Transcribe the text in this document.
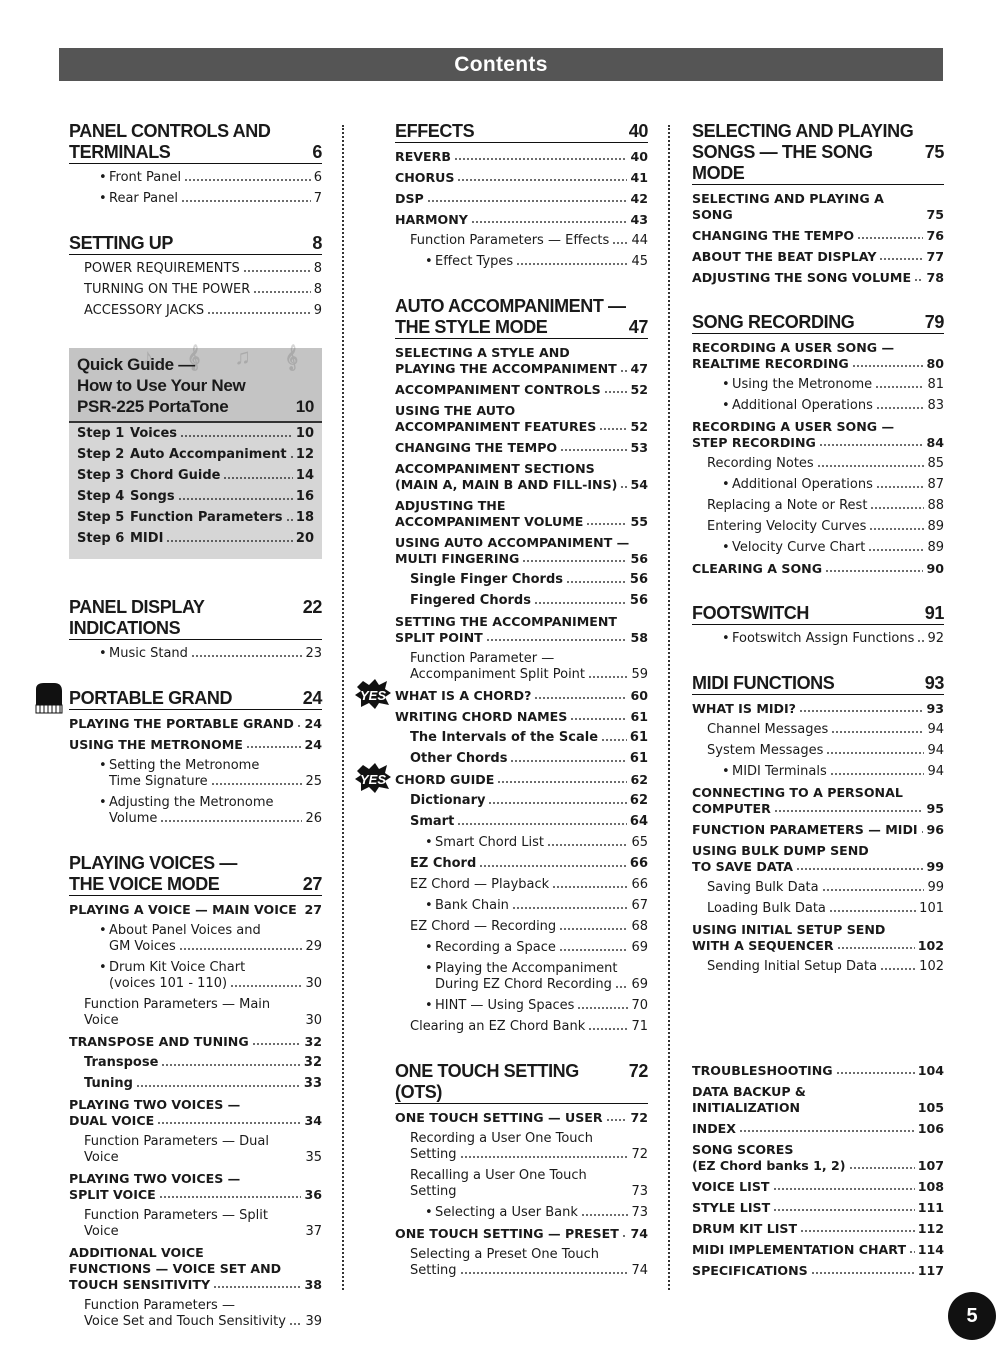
Contents
PANEL CONTROLS AND
TERMINALS	6
• Front Panel	6
• Rear Panel	7
SETTING UP	8
POWER REQUIREMENTS	8
TURNING ON THE POWER	8
ACCESSORY JACKS	9
Quick Guide —
How to Use Your New
PSR-225 PortaTone	10
♪ 𝄞 ♫ 𝄞
Step 1 Voices	10
Step 2 Auto Accompaniment 12
Step 3 Chord Guide	14
Step 4 Songs	16
Step 5 Function Parameters 18
Step 6 MIDI	20
PANEL DISPLAY INDICATIONS
22
• Music Stand	23
PORTABLE GRAND	24
PLAYING THE PORTABLE GRAND 24
USING THE METRONOME	24
• Setting the Metronome
Time Signature	25
• Adjusting the Metronome
Volume	26
PLAYING VOICES —
THE VOICE MODE	27
PLAYING A VOICE — MAIN VOICE 27
• About Panel Voices and
GM Voices	29
• Drum Kit Voice Chart
(voices 101 - 110)	30
Function Parameters — Main Voice	30
TRANSPOSE AND TUNING	32
Transpose	32
Tuning	33
PLAYING TWO VOICES —
DUAL VOICE	34
Function Parameters — Dual Voice	35
PLAYING TWO VOICES —
SPLIT VOICE	36
Function Parameters — Split Voice	37
ADDITIONAL VOICE
FUNCTIONS — VOICE SET AND
TOUCH SENSITIVITY	38
Function Parameters —
Voice Set and Touch Sensitivity 39
EFFECTS	40
REVERB	40
CHORUS	41
DSP	42
HARMONY	43
Function Parameters — Effects 44
• Effect Types	45
AUTO ACCOMPANIMENT —
THE STYLE MODE	47
SELECTING A STYLE AND
PLAYING THE ACCOMPANIMENT 47
ACCOMPANIMENT CONTROLS 52
USING THE AUTO
ACCOMPANIMENT FEATURES	52
CHANGING THE TEMPO	53
ACCOMPANIMENT SECTIONS
(MAIN A, MAIN B AND FILL-INS) 54
ADJUSTING THE
ACCOMPANIMENT VOLUME	55
USING AUTO ACCOMPANIMENT —
MULTI FINGERING	56
Single Finger Chords	56
Fingered Chords	56
SETTING THE ACCOMPANIMENT
SPLIT POINT	58
Function Parameter —
Accompaniment Split Point	59
YES WHAT IS A CHORD?	60
WRITING CHORD NAMES	61
The Intervals of the Scale 61
Other Chords	61
YES CHORD GUIDE	62
Dictionary	62
Smart	64
• Smart Chord List	65
EZ Chord	66
EZ Chord — Playback	66
• Bank Chain	67
EZ Chord — Recording	68
• Recording a Space	69
• Playing the Accompaniment
During EZ Chord Recording 69
• HINT — Using Spaces	70
Clearing an EZ Chord Bank	71
ONE TOUCH SETTING (OTS)
72
ONE TOUCH SETTING — USER 72
Recording a User One Touch
Setting	72
Recalling a User One Touch Setting	73
• Selecting a User Bank	73
ONE TOUCH SETTING — PRESET 74
Selecting a Preset One Touch
Setting	74
SELECTING AND PLAYING
SONGS — THE SONG MODE
75
SELECTING AND PLAYING A SONG	75
CHANGING THE TEMPO	76
ABOUT THE BEAT DISPLAY	77
ADJUSTING THE SONG VOLUME 78
SONG RECORDING	79
RECORDING A USER SONG —
REALTIME RECORDING	80
• Using the Metronome	81
• Additional Operations	83
RECORDING A USER SONG —
STEP RECORDING	84
Recording Notes	85
• Additional Operations	87
Replacing a Note or Rest	88
Entering Velocity Curves	89
• Velocity Curve Chart	89
CLEARING A SONG	90
FOOTSWITCH	91
• Footswitch Assign Functions 92
MIDI FUNCTIONS	93
WHAT IS MIDI?	93
Channel Messages	94
System Messages	94
• MIDI Terminals	94
CONNECTING TO A PERSONAL
COMPUTER	95
FUNCTION PARAMETERS — MIDI 96
USING BULK DUMP SEND
TO SAVE DATA	99
Saving Bulk Data	99
Loading Bulk Data	101
USING INITIAL SETUP SEND
WITH A SEQUENCER	102
Sending Initial Setup Data	102
TROUBLESHOOTING	104
DATA BACKUP & INITIALIZATION	105
INDEX	106
SONG SCORES
(EZ Chord banks 1, 2)	107
VOICE LIST	108
STYLE LIST	111
DRUM KIT LIST	112
MIDI IMPLEMENTATION CHART 114
SPECIFICATIONS	117
5
